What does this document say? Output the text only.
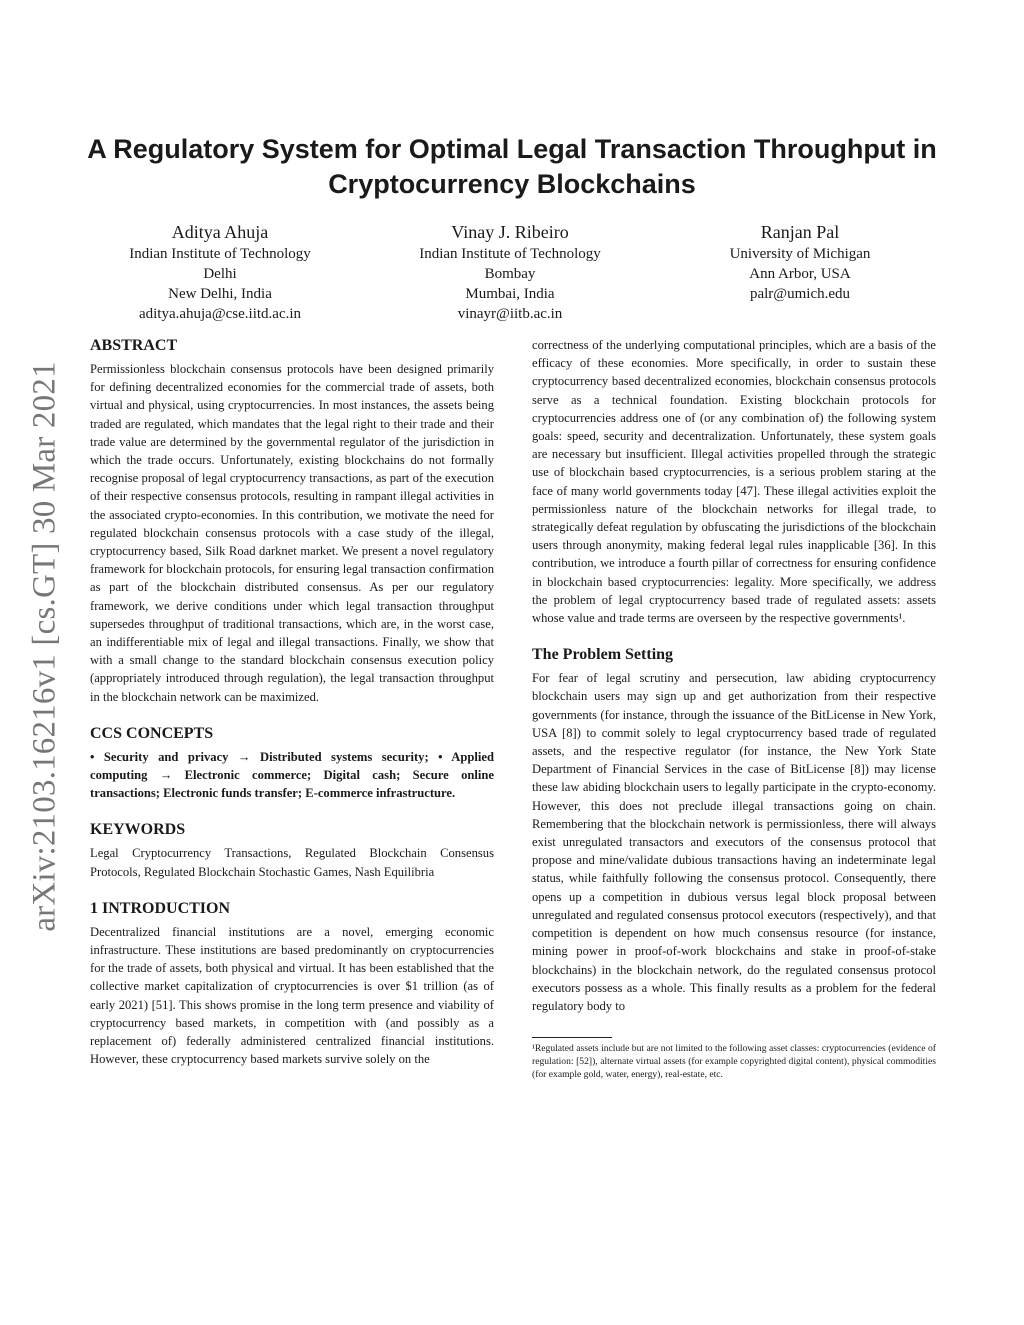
arXiv:2103.16216v1 [cs.GT] 30 Mar 2021
A Regulatory System for Optimal Legal Transaction Throughput in Cryptocurrency Blockchains
Aditya Ahuja
Indian Institute of Technology
Delhi
New Delhi, India
aditya.ahuja@cse.iitd.ac.in
Vinay J. Ribeiro
Indian Institute of Technology
Bombay
Mumbai, India
vinayr@iitb.ac.in
Ranjan Pal
University of Michigan
Ann Arbor, USA
palr@umich.edu
ABSTRACT

Permissionless blockchain consensus protocols have been designed primarily for defining decentralized economies for the commercial trade of assets, both virtual and physical, using cryptocurrencies. In most instances, the assets being traded are regulated, which mandates that the legal right to their trade and their trade value are determined by the governmental regulator of the jurisdiction in which the trade occurs. Unfortunately, existing blockchains do not formally recognise proposal of legal cryptocurrency transactions, as part of the execution of their respective consensus protocols, resulting in rampant illegal activities in the associated crypto-economies. In this contribution, we motivate the need for regulated blockchain consensus protocols with a case study of the illegal, cryptocurrency based, Silk Road darknet market. We present a novel regulatory framework for blockchain protocols, for ensuring legal transaction confirmation as part of the blockchain distributed consensus. As per our regulatory framework, we derive conditions under which legal transaction throughput supersedes throughput of traditional transactions, which are, in the worst case, an indifferentiable mix of legal and illegal transactions. Finally, we show that with a small change to the standard blockchain consensus execution policy (appropriately introduced through regulation), the legal transaction throughput in the blockchain network can be maximized.

CCS CONCEPTS

• Security and privacy → Distributed systems security; • Applied computing → Electronic commerce; Digital cash; Secure online transactions; Electronic funds transfer; E-commerce infrastructure.

KEYWORDS

Legal Cryptocurrency Transactions, Regulated Blockchain Consensus Protocols, Regulated Blockchain Stochastic Games, Nash Equilibria

1 INTRODUCTION

Decentralized financial institutions are a novel, emerging economic infrastructure. These institutions are based predominantly on cryptocurrencies for the trade of assets, both physical and virtual. It has been established that the collective market capitalization of cryptocurrencies is over $1 trillion (as of early 2021) [51]. This shows promise in the long term presence and viability of cryptocurrency based markets, in competition with (and possibly as a replacement of) federally administered centralized financial institutions. However, these cryptocurrency based markets survive solely on the

correctness of the underlying computational principles, which are a basis of the efficacy of these economies. More specifically, in order to sustain these cryptocurrency based decentralized economies, blockchain consensus protocols serve as a technical foundation. Existing blockchain protocols for cryptocurrencies address one of (or any combination of) the following system goals: speed, security and decentralization. Unfortunately, these system goals are necessary but insufficient. Illegal activities propelled through the strategic use of blockchain based cryptocurrencies, is a serious problem staring at the face of many world governments today [47]. These illegal activities exploit the permissionless nature of the blockchain networks for illegal trade, to strategically defeat regulation by obfuscating the jurisdictions of the blockchain users through anonymity, making federal legal rules inapplicable [36]. In this contribution, we introduce a fourth pillar of correctness for ensuring confidence in blockchain based cryptocurrencies: legality. More specifically, we address the problem of legal cryptocurrency based trade of regulated assets: assets whose value and trade terms are overseen by the respective governments¹.

The Problem Setting

For fear of legal scrutiny and persecution, law abiding cryptocurrency blockchain users may sign up and get authorization from their respective governments (for instance, through the issuance of the BitLicense in New York, USA [8]) to commit solely to legal cryptocurrency based trade of regulated assets, and the respective regulator (for instance, the New York State Department of Financial Services in the case of BitLicense [8]) may license these law abiding blockchain users to legally participate in the crypto-economy. However, this does not preclude illegal transactions going on chain. Remembering that the blockchain network is permissionless, there will always exist unregulated transactors and executors of the consensus protocol that propose and mine/validate dubious transactions having an indeterminate legal status, while faithfully following the consensus protocol. Consequently, there opens up a competition in dubious versus legal block proposal between unregulated and regulated consensus protocol executors (respectively), and that competition is dependent on how much consensus resource (for instance, mining power in proof-of-work blockchains and stake in proof-of-stake blockchains) in the blockchain network, do the regulated consensus protocol executors possess as a whole. This finally results as a problem for the federal regulatory body to

¹Regulated assets include but are not limited to the following asset classes: cryptocurrencies (evidence of regulation: [52]), alternate virtual assets (for example copyrighted digital content), physical commodities (for example gold, water, energy), real-estate, etc.
